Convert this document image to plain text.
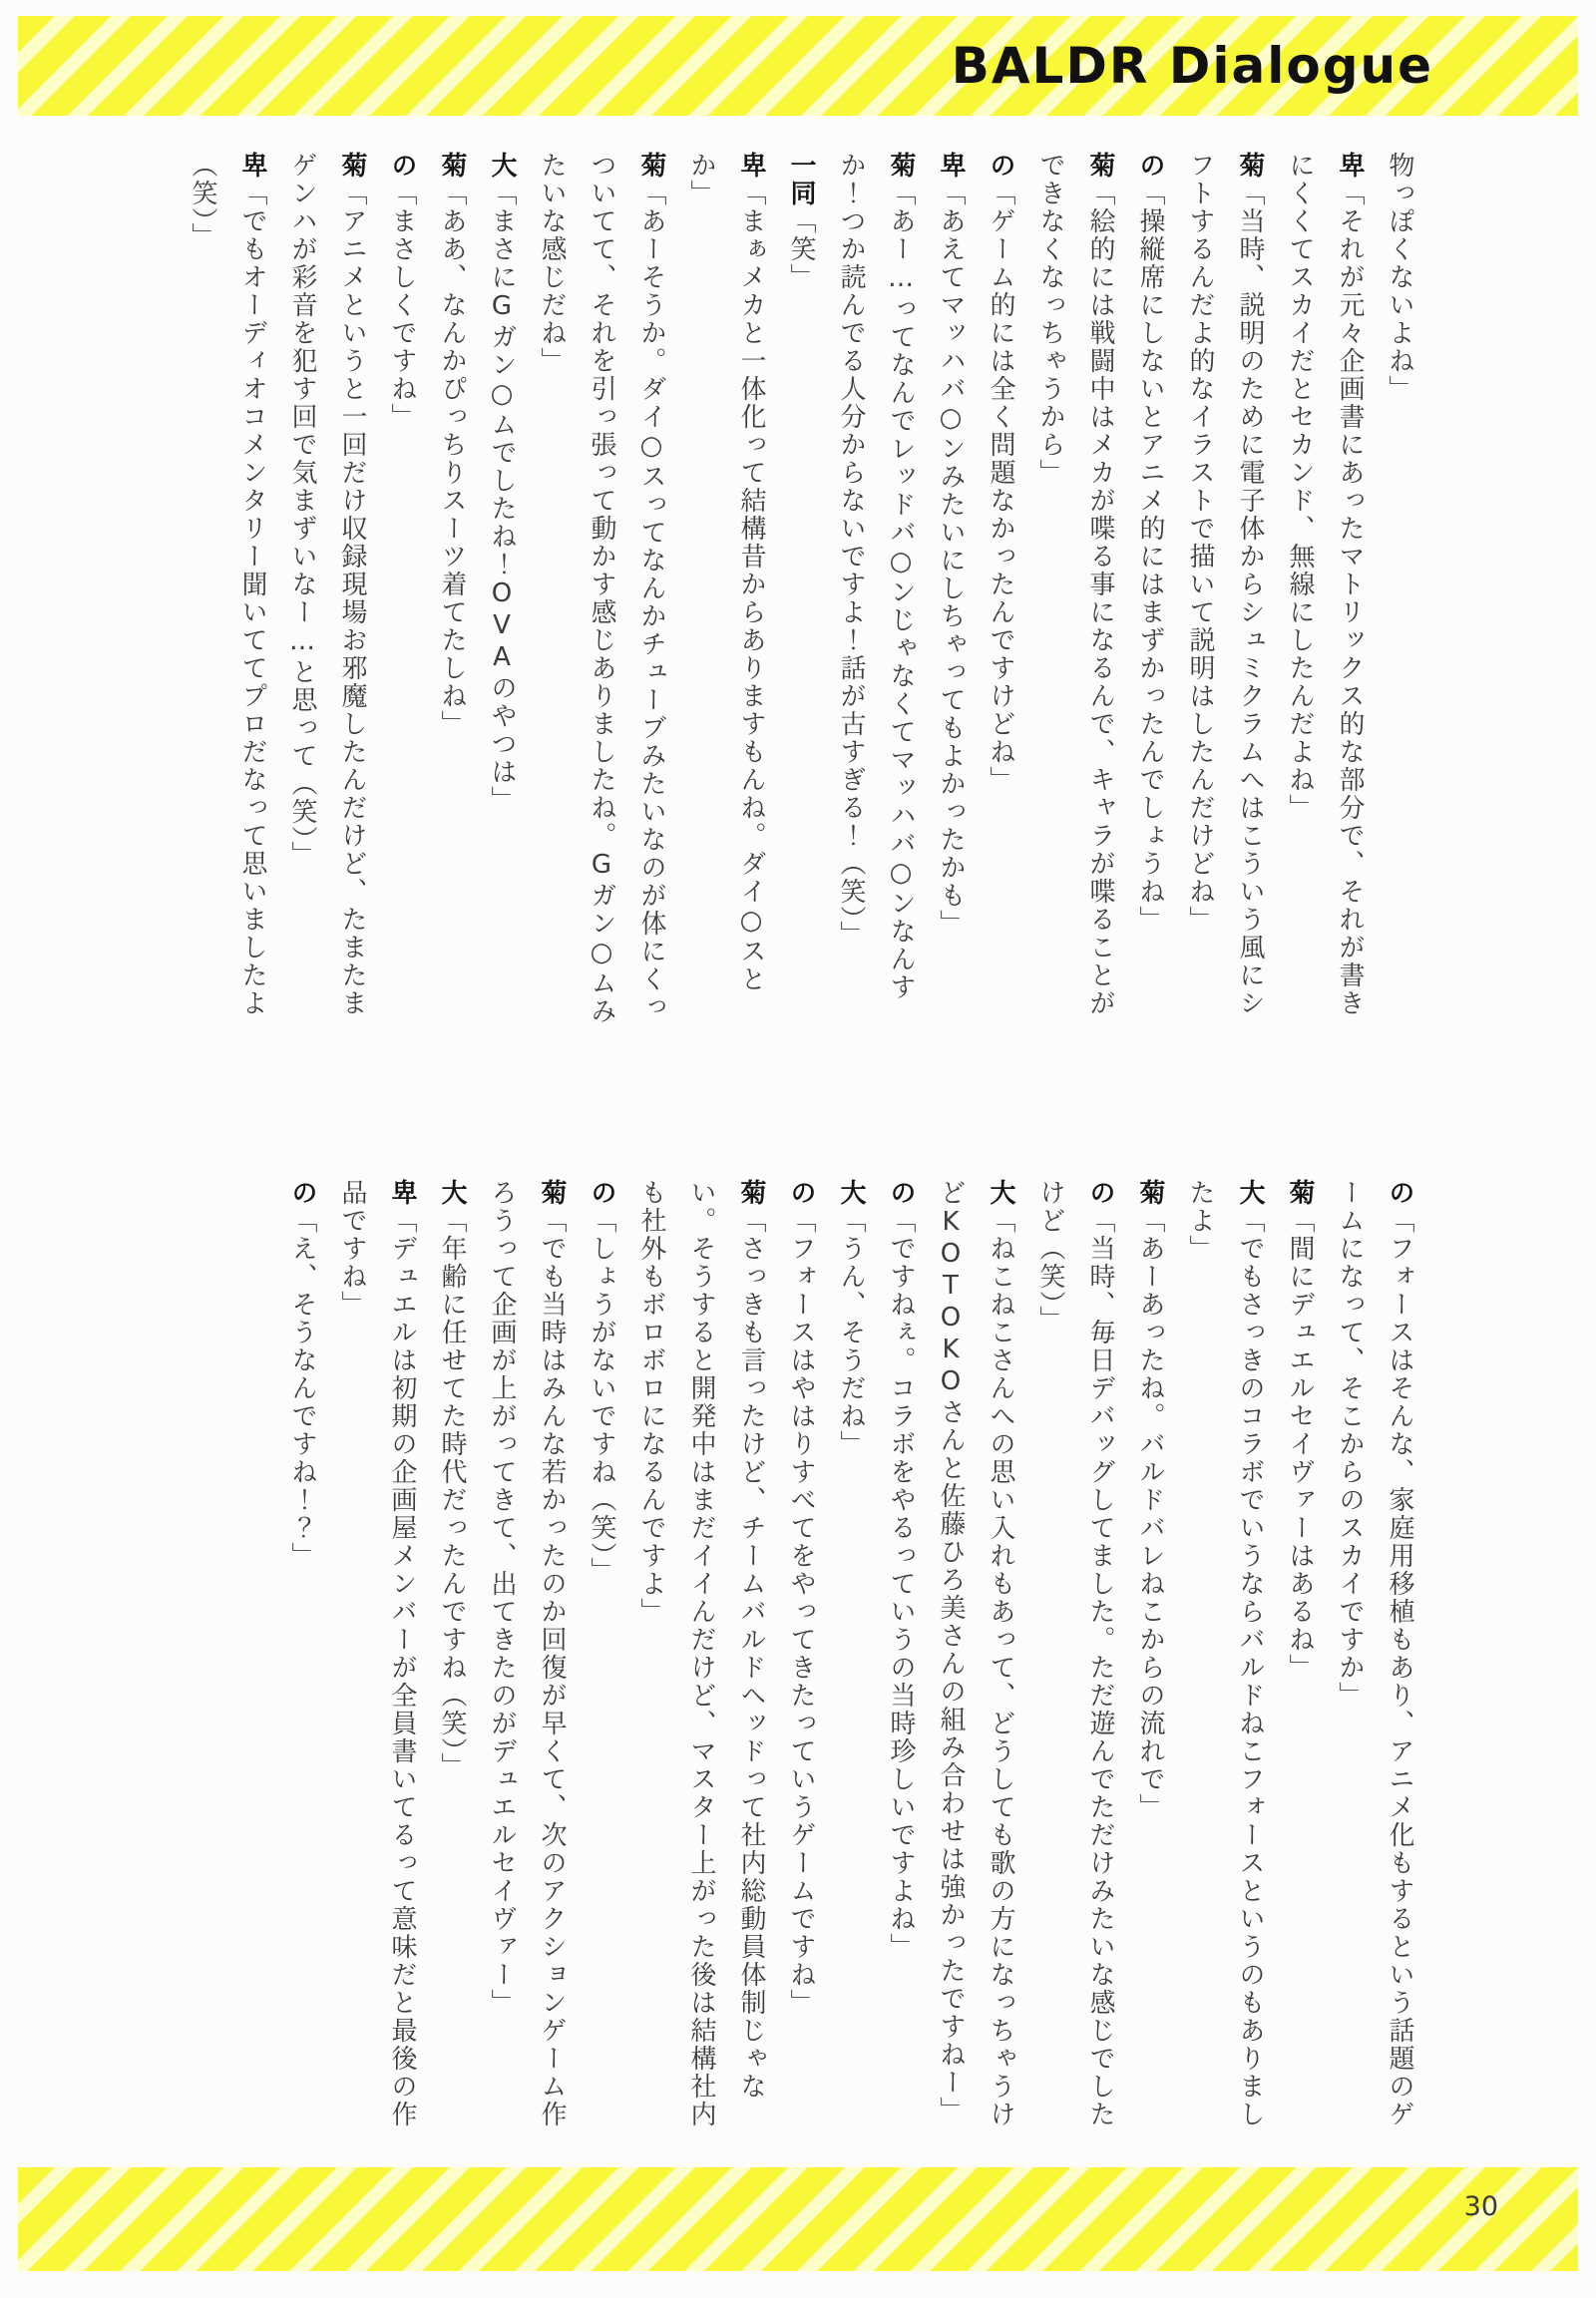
BALDR Dialogue

物っぽくないよね」

卑「それが元々企画書にあったマトリックス的な部分で、それが書きにくくてスカイだとセカンド、無線にしたんだよね」

菊「当時、説明のために電子体からシュミクラムへはこういう風にシフトするんだよ的なイラストで描いて説明はしたんだけどね」

の「操縦席にしないとアニメ的にはまずかったんでしょうね」

菊「絵的には戦闘中はメカが喋る事になるんで、キャラが喋ることができなくなっちゃうから」

の「ゲーム的には全く問題なかったんですけどね」

卑「あえてマッハバ○ンみたいにしちゃってもよかったかも」

菊「あー…ってなんでレッドバ○ンじゃなくてマッハバ○ンなんすか！つか読んでる人分からないですよ！話が古すぎる！（笑）」

一同「笑」

卑「まぁメカと一体化って結構昔からありますもんね。ダイ○スとか」

菊「あーそうか。ダイ○スってなんかチューブみたいなのが体にくっついてて、それを引っ張って動かす感じありましたね。Gガン○ムみたいな感じだね」

大「まさにGガン○ムでしたね！OVAのやつは」

菊「ああ、なんかぴっちりスーツ着てたしね」

の「まさしくですね」

菊「アニメというと一回だけ収録現場お邪魔したんだけど、たまたまゲンハが彩音を犯す回で気まずいなー…と思って（笑）」

卑「でもオーディオコメンタリー聞いててプロだなって思いましたよ（笑）」

の「フォースはそんな、家庭用移植もあり、アニメ化もするという話題のゲームになって、そこからのスカイですか」

菊「間にデュエルセイヴァーはあるね」

大「でもさっきのコラボでいうならバルドねこフォースというのもありましたよ」

菊「あーあったね。バルドバレねこからの流れで」

の「当時、毎日デバッグしてました。ただ遊んでただけみたいな感じでしたけど（笑）」

大「ねこねこさんへの思い入れもあって、どうしても歌の方になっちゃうけどKOTOKOさんと佐藤ひろ美さんの組み合わせは強かったですねー」

の「ですねぇ。コラボをやるっていうの当時珍しいですよね」

大「うん、そうだね」

の「フォースはやはりすべてをやってきたっていうゲームですね」

菊「さっきも言ったけど、チームバルドヘッドって社内総動員体制じゃない。そうすると開発中はまだイイんだけど、マスター上がった後は結構社内も社外もボロボロになるんですよ」

の「しょうがないですね（笑）」

菊「でも当時はみんな若かったのか回復が早くて、次のアクションゲーム作ろうって企画が上がってきて、出てきたのがデュエルセイヴァー」

大「年齢に任せてた時代だったんですね（笑）」

卑「デュエルは初期の企画屋メンバーが全員書いてるって意味だと最後の作品ですね」

の「え、そうなんですね！？」

30
